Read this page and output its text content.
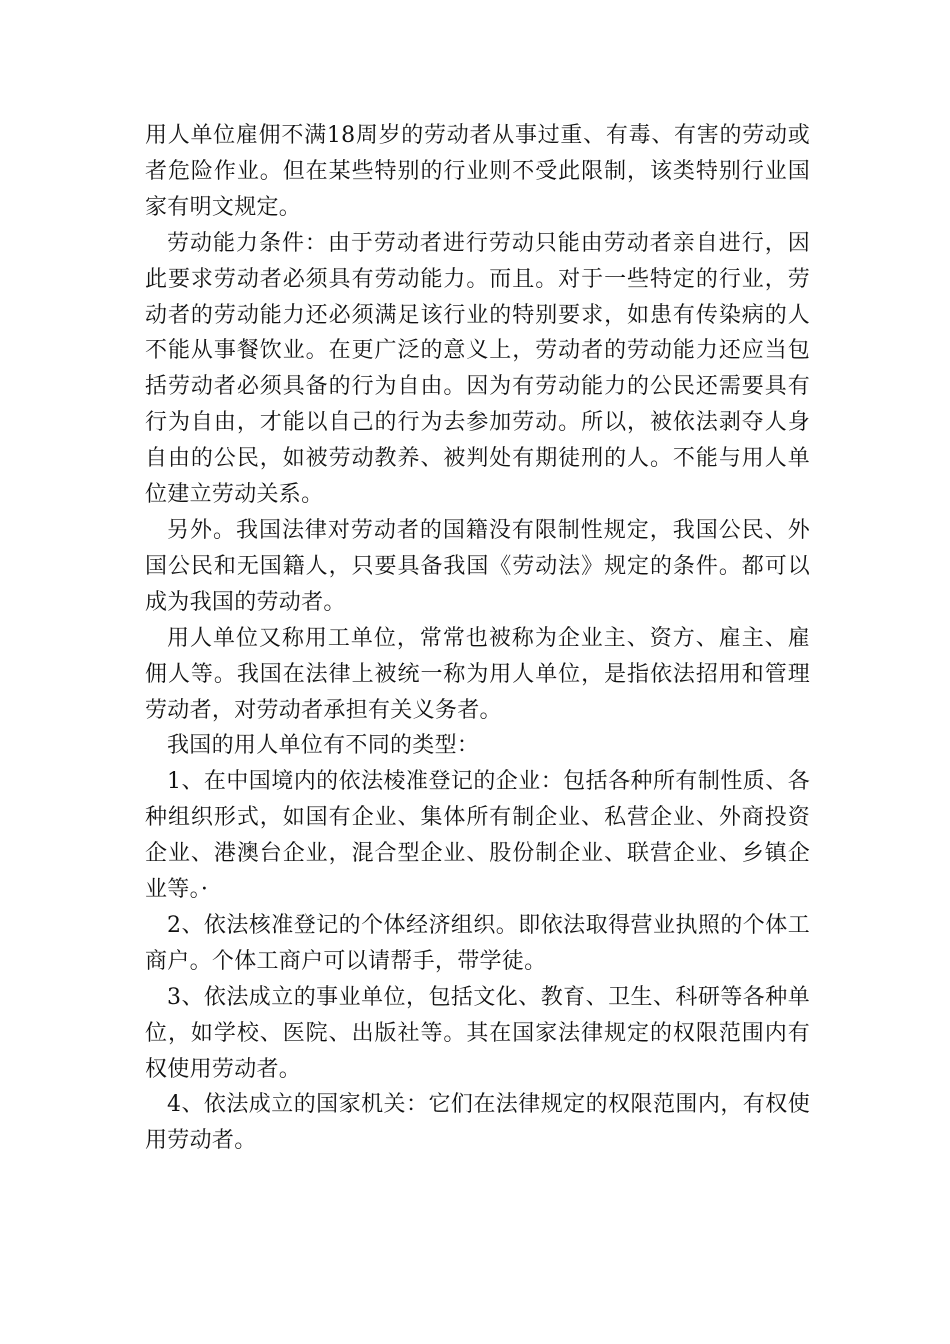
用人单位雇佣不满18周岁的劳动者从事过重、有毒、有害的劳动或者危险作业。但在某些特别的行业则不受此限制，该类特别行业国家有明文规定。

劳动能力条件：由于劳动者进行劳动只能由劳动者亲自进行，因此要求劳动者必须具有劳动能力。而且。对于一些特定的行业，劳动者的劳动能力还必须满足该行业的特别要求，如患有传染病的人不能从事餐饮业。在更广泛的意义上，劳动者的劳动能力还应当包括劳动者必须具备的行为自由。因为有劳动能力的公民还需要具有行为自由，才能以自己的行为去参加劳动。所以，被依法剥夺人身自由的公民，如被劳动教养、被判处有期徒刑的人。不能与用人单位建立劳动关系。

另外。我国法律对劳动者的国籍没有限制性规定，我国公民、外国公民和无国籍人，只要具备我国《劳动法》规定的条件。都可以成为我国的劳动者。

用人单位又称用工单位，常常也被称为企业主、资方、雇主、雇佣人等。我国在法律上被统一称为用人单位，是指依法招用和管理劳动者，对劳动者承担有关义务者。

我国的用人单位有不同的类型：

1、在中国境内的依法棱准登记的企业：包括各种所有制性质、各种组织形式，如国有企业、集体所有制企业、私营企业、外商投资企业、港澳台企业，混合型企业、股份制企业、联营企业、乡镇企业等。·

2、依法核准登记的个体经济组织。即依法取得营业执照的个体工商户。个体工商户可以请帮手，带学徒。

3、依法成立的事业单位，包括文化、教育、卫生、科研等各种单位，如学校、医院、出版社等。其在国家法律规定的权限范围内有权使用劳动者。

4、依法成立的国家机关：它们在法律规定的权限范围内，有权使用劳动者。
